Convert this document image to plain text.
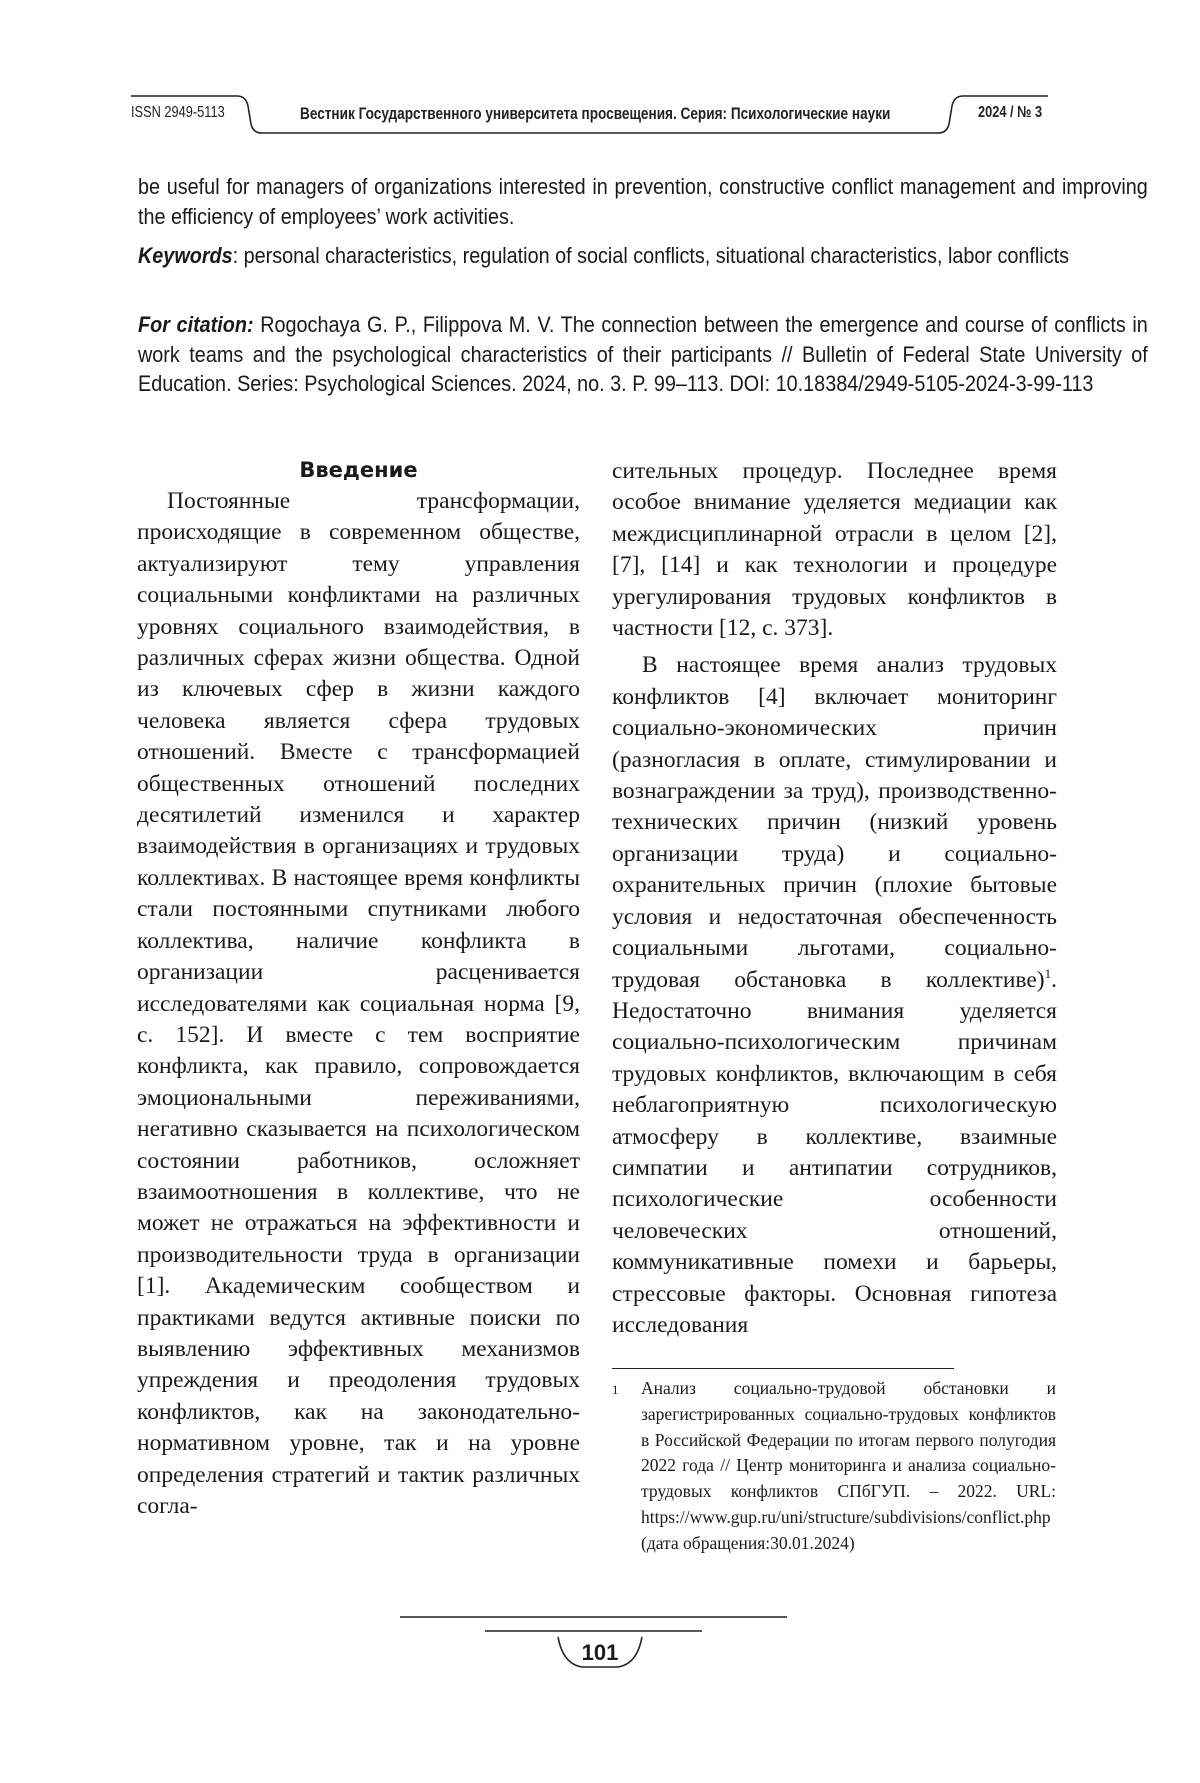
ISSN 2949-5113	Вестник Государственного университета просвещения. Серия: Психологические науки	2024 / № 3

be useful for managers of organizations interested in prevention, constructive conflict management and improving the efficiency of employees’ work activities.

Keywords: personal characteristics, regulation of social conflicts, situational characteristics, labor conflicts

For citation: Rogochaya G. P., Filippova M. V. The connection between the emergence and course of conflicts in work teams and the psychological characteristics of their participants // Bulletin of Federal State University of Education. Series: Psychological Sciences. 2024, no. 3. P. 99–113. DOI: 10.18384/2949-5105-2024-3-99-113

Введение

Постоянные трансформации, происходящие в современном обществе, актуализируют тему управления социальными конфликтами на различных уровнях социального взаимодействия, в различных сферах жизни общества. Одной из ключевых сфер в жизни каждого человека является сфера трудовых отношений. Вместе с трансформацией общественных отношений последних десятилетий изменился и характер взаимодействия в организациях и трудовых коллективах. В настоящее время конфликты стали постоянными спутниками любого коллектива, наличие конфликта в организации расценивается исследователями как социальная норма [9, с. 152]. И вместе с тем восприятие конфликта, как правило, сопровождается эмоциональными переживаниями, негативно сказывается на психологическом состоянии работников, осложняет взаимоотношения в коллективе, что не может не отражаться на эффективности и производительности труда в организации [1]. Академическим сообществом и практиками ведутся активные поиски по выявлению эффективных механизмов упреждения и преодоления трудовых конфликтов, как на законодательно-нормативном уровне, так и на уровне определения стратегий и тактик различных согла-

сительных процедур. Последнее время особое внимание уделяется медиации как междисциплинарной отрасли в целом [2], [7], [14] и как технологии и процедуре урегулирования трудовых конфликтов в частности [12, с. 373].

В настоящее время анализ трудовых конфликтов [4] включает мониторинг социально-экономических причин (разногласия в оплате, стимулировании и вознаграждении за труд), производственно-технических причин (низкий уровень организации труда) и социально-охранительных причин (плохие бытовые условия и недостаточная обеспеченность социальными льготами, социально-трудовая обстановка в коллективе)$^1$. Недостаточно внимания уделяется социально-психологическим причинам трудовых конфликтов, включающим в себя неблагоприятную психологическую атмосферу в коллективе, взаимные симпатии и антипатии сотрудников, психологические особенности человеческих отношений, коммуникативные помехи и барьеры, стрессовые факторы. Основная гипотеза исследования

1 Анализ социально-трудовой обстановки и зарегистрированных социально-трудовых конфликтов в Российской Федерации по итогам первого полугодия 2022 года // Центр мониторинга и анализа социально-трудовых конфликтов СПбГУП. – 2022. URL: https://www.gup.ru/uni/structure/subdivisions/conflict.php (дата обращения:30.01.2024)
101
